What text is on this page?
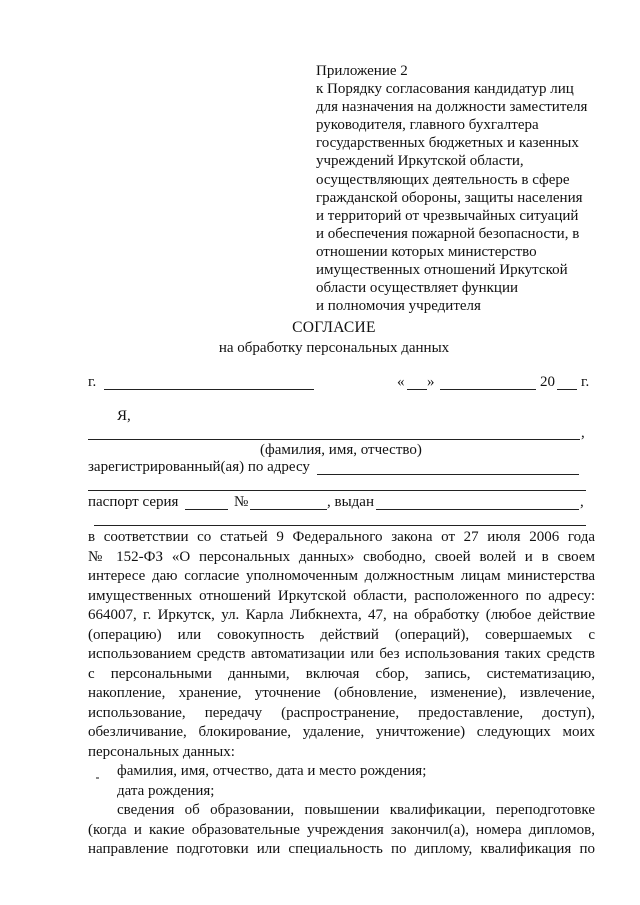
Приложение 2
к Порядку согласования кандидатур лиц
для назначения на должности заместителя
руководителя, главного бухгалтера
государственных бюджетных и казенных
учреждений Иркутской области,
осуществляющих деятельность в сфере
гражданской обороны, защиты населения
и территорий от чрезвычайных ситуаций
и обеспечения пожарной безопасности, в
отношении которых министерство
имущественных отношений Иркутской
области осуществляет функции
и полномочия учредителя
СОГЛАСИЕ
на обработку персональных данных
г.	« »	20 г.
Я,
,
(фамилия, имя, отчество)
зарегистрированный(ая) по адресу
паспорт серия	№	, выдан	,
в соответствии со статьей 9 Федерального закона от 27 июля 2006 года
№ 152-ФЗ «О персональных данных» свободно, своей волей и в своем
интересе даю согласие уполномоченным должностным лицам министерства
имущественных отношений Иркутской области, расположенного по адресу:
664007, г. Иркутск, ул. Карла Либкнехта, 47, на обработку (любое действие
(операцию) или совокупность действий (операций), совершаемых с
использованием средств автоматизации или без использования таких средств
с персональными данными, включая сбор, запись, систематизацию,
накопление, хранение, уточнение (обновление, изменение), извлечение,
использование, передачу (распространение, предоставление, доступ),
обезличивание, блокирование, удаление, уничтожение) следующих моих
персональных данных:
фамилия, имя, отчество, дата и место рождения;
дата рождения;
сведения об образовании, повышении квалификации, переподготовке
(когда и какие образовательные учреждения закончил(а), номера дипломов,
направление подготовки или специальность по диплому, квалификация по
